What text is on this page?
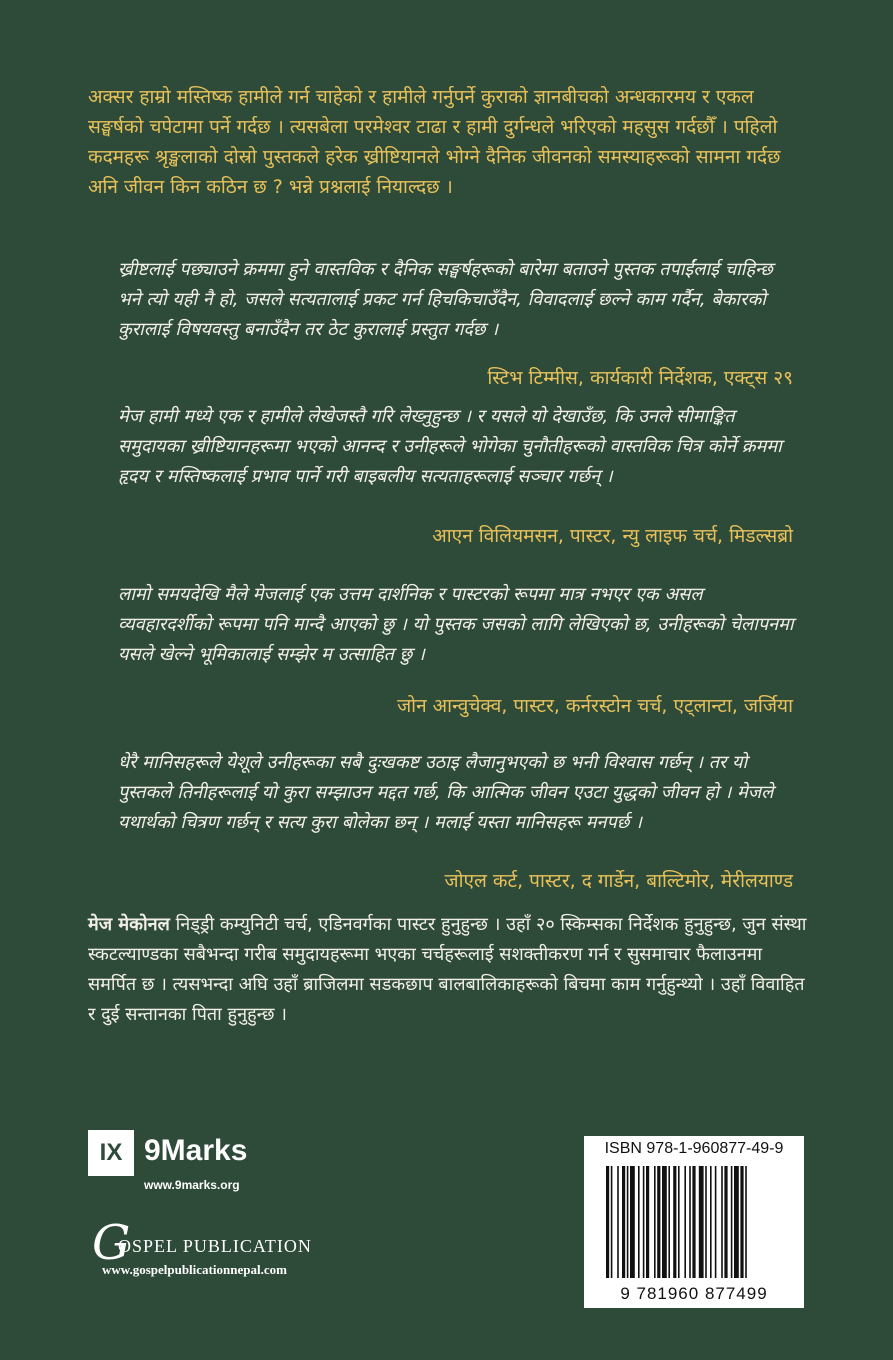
अक्सर हाम्रो मस्तिष्क हामीले गर्न चाहेको र हामीले गर्नुपर्ने कुराको ज्ञानबीचको अन्धकारमय र एकल सङ्घर्षको चपेटामा पर्ने गर्दछ । त्यसबेला परमेश्वर टाढा र हामी दुर्गन्धले भरिएको महसुस गर्दछौँ । पहिलो कदमहरू श्रृङ्खलाको दोस्रो पुस्तकले हरेक ख्रीष्टियानले भोग्ने दैनिक जीवनको समस्याहरूको सामना गर्दछ अनि जीवन किन कठिन छ ? भन्ने प्रश्नलाई नियाल्दछ ।

ख्रीष्टलाई पछ्याउने क्रममा हुने वास्तविक र दैनिक सङ्घर्षहरूको बारेमा बताउने पुस्तक तपाईंलाई चाहिन्छ भने त्यो यही नै हो, जसले सत्यतालाई प्रकट गर्न हिचकिचाउँदैन, विवादलाई छल्ने काम गर्दैन, बेकारको कुरालाई विषयवस्तु बनाउँदैन तर ठेट कुरालाई प्रस्तुत गर्दछ ।

स्टिभ टिम्मीस, कार्यकारी निर्देशक, एक्ट्स २९

मेज हामी मध्ये एक र हामीले लेखेजस्तै गरि लेख्नुहुन्छ । र यसले यो देखाउँछ, कि उनले सीमाङ्कित समुदायका ख्रीष्टियानहरूमा भएको आनन्द र उनीहरूले भोगेका चुनौतीहरूको वास्तविक चित्र कोर्ने क्रममा हृदय र मस्तिष्कलाई प्रभाव पार्ने गरी बाइबलीय सत्यताहरूलाई सञ्चार गर्छन् ।

आएन विलियमसन, पास्टर, न्यु लाइफ चर्च, मिडल्सब्रो

लामो समयदेखि मैले मेजलाई एक उत्तम दार्शनिक र पास्टरको रूपमा मात्र नभएर एक असल व्यवहारदर्शीको रूपमा पनि मान्दै आएको छु । यो पुस्तक जसको लागि लेखिएको छ, उनीहरूको चेलापनमा यसले खेल्ने भूमिकालाई सम्झेर म उत्साहित छु ।

जोन आन्वुचेक्व, पास्टर, कर्नरस्टोन चर्च, एट्लान्टा, जर्जिया

धेरै मानिसहरूले येशूले उनीहरूका सबै दुःखकष्ट उठाइ लैजानुभएको छ भनी विश्वास गर्छन् । तर यो पुस्तकले तिनीहरूलाई यो कुरा सम्झाउन मद्दत गर्छ, कि आत्मिक जीवन एउटा युद्धको जीवन हो । मेजले यथार्थको चित्रण गर्छन् र सत्य कुरा बोलेका छन् । मलाई यस्ता मानिसहरू मनपर्छ ।

जोएल कर्ट, पास्टर, द गार्डेन, बाल्टिमोर, मेरीलयाण्ड

मेज मेकोनल निड्ड्री कम्युनिटी चर्च, एडिनवर्गका पास्टर हुनुहुन्छ । उहाँ २० स्किम्सका निर्देशक हुनुहुन्छ, जुन संस्था स्कटल्याण्डका सबैभन्दा गरीब समुदायहरूमा भएका चर्चहरूलाई सशक्तीकरण गर्न र सुसमाचार फैलाउनमा समर्पित छ । त्यसभन्दा अघि उहाँ ब्राजिलमा सडकछाप बालबालिकाहरूको बिचमा काम गर्नुहुन्थ्यो । उहाँ विवाहित र दुई सन्तानका पिता हुनुहुन्छ ।

IX 9Marks
www.9marks.org
G
OSPEL PUBLICATION
www.gospelpublicationnepal.com
ISBN 978-1-960877-49-9
9 781960 877499
